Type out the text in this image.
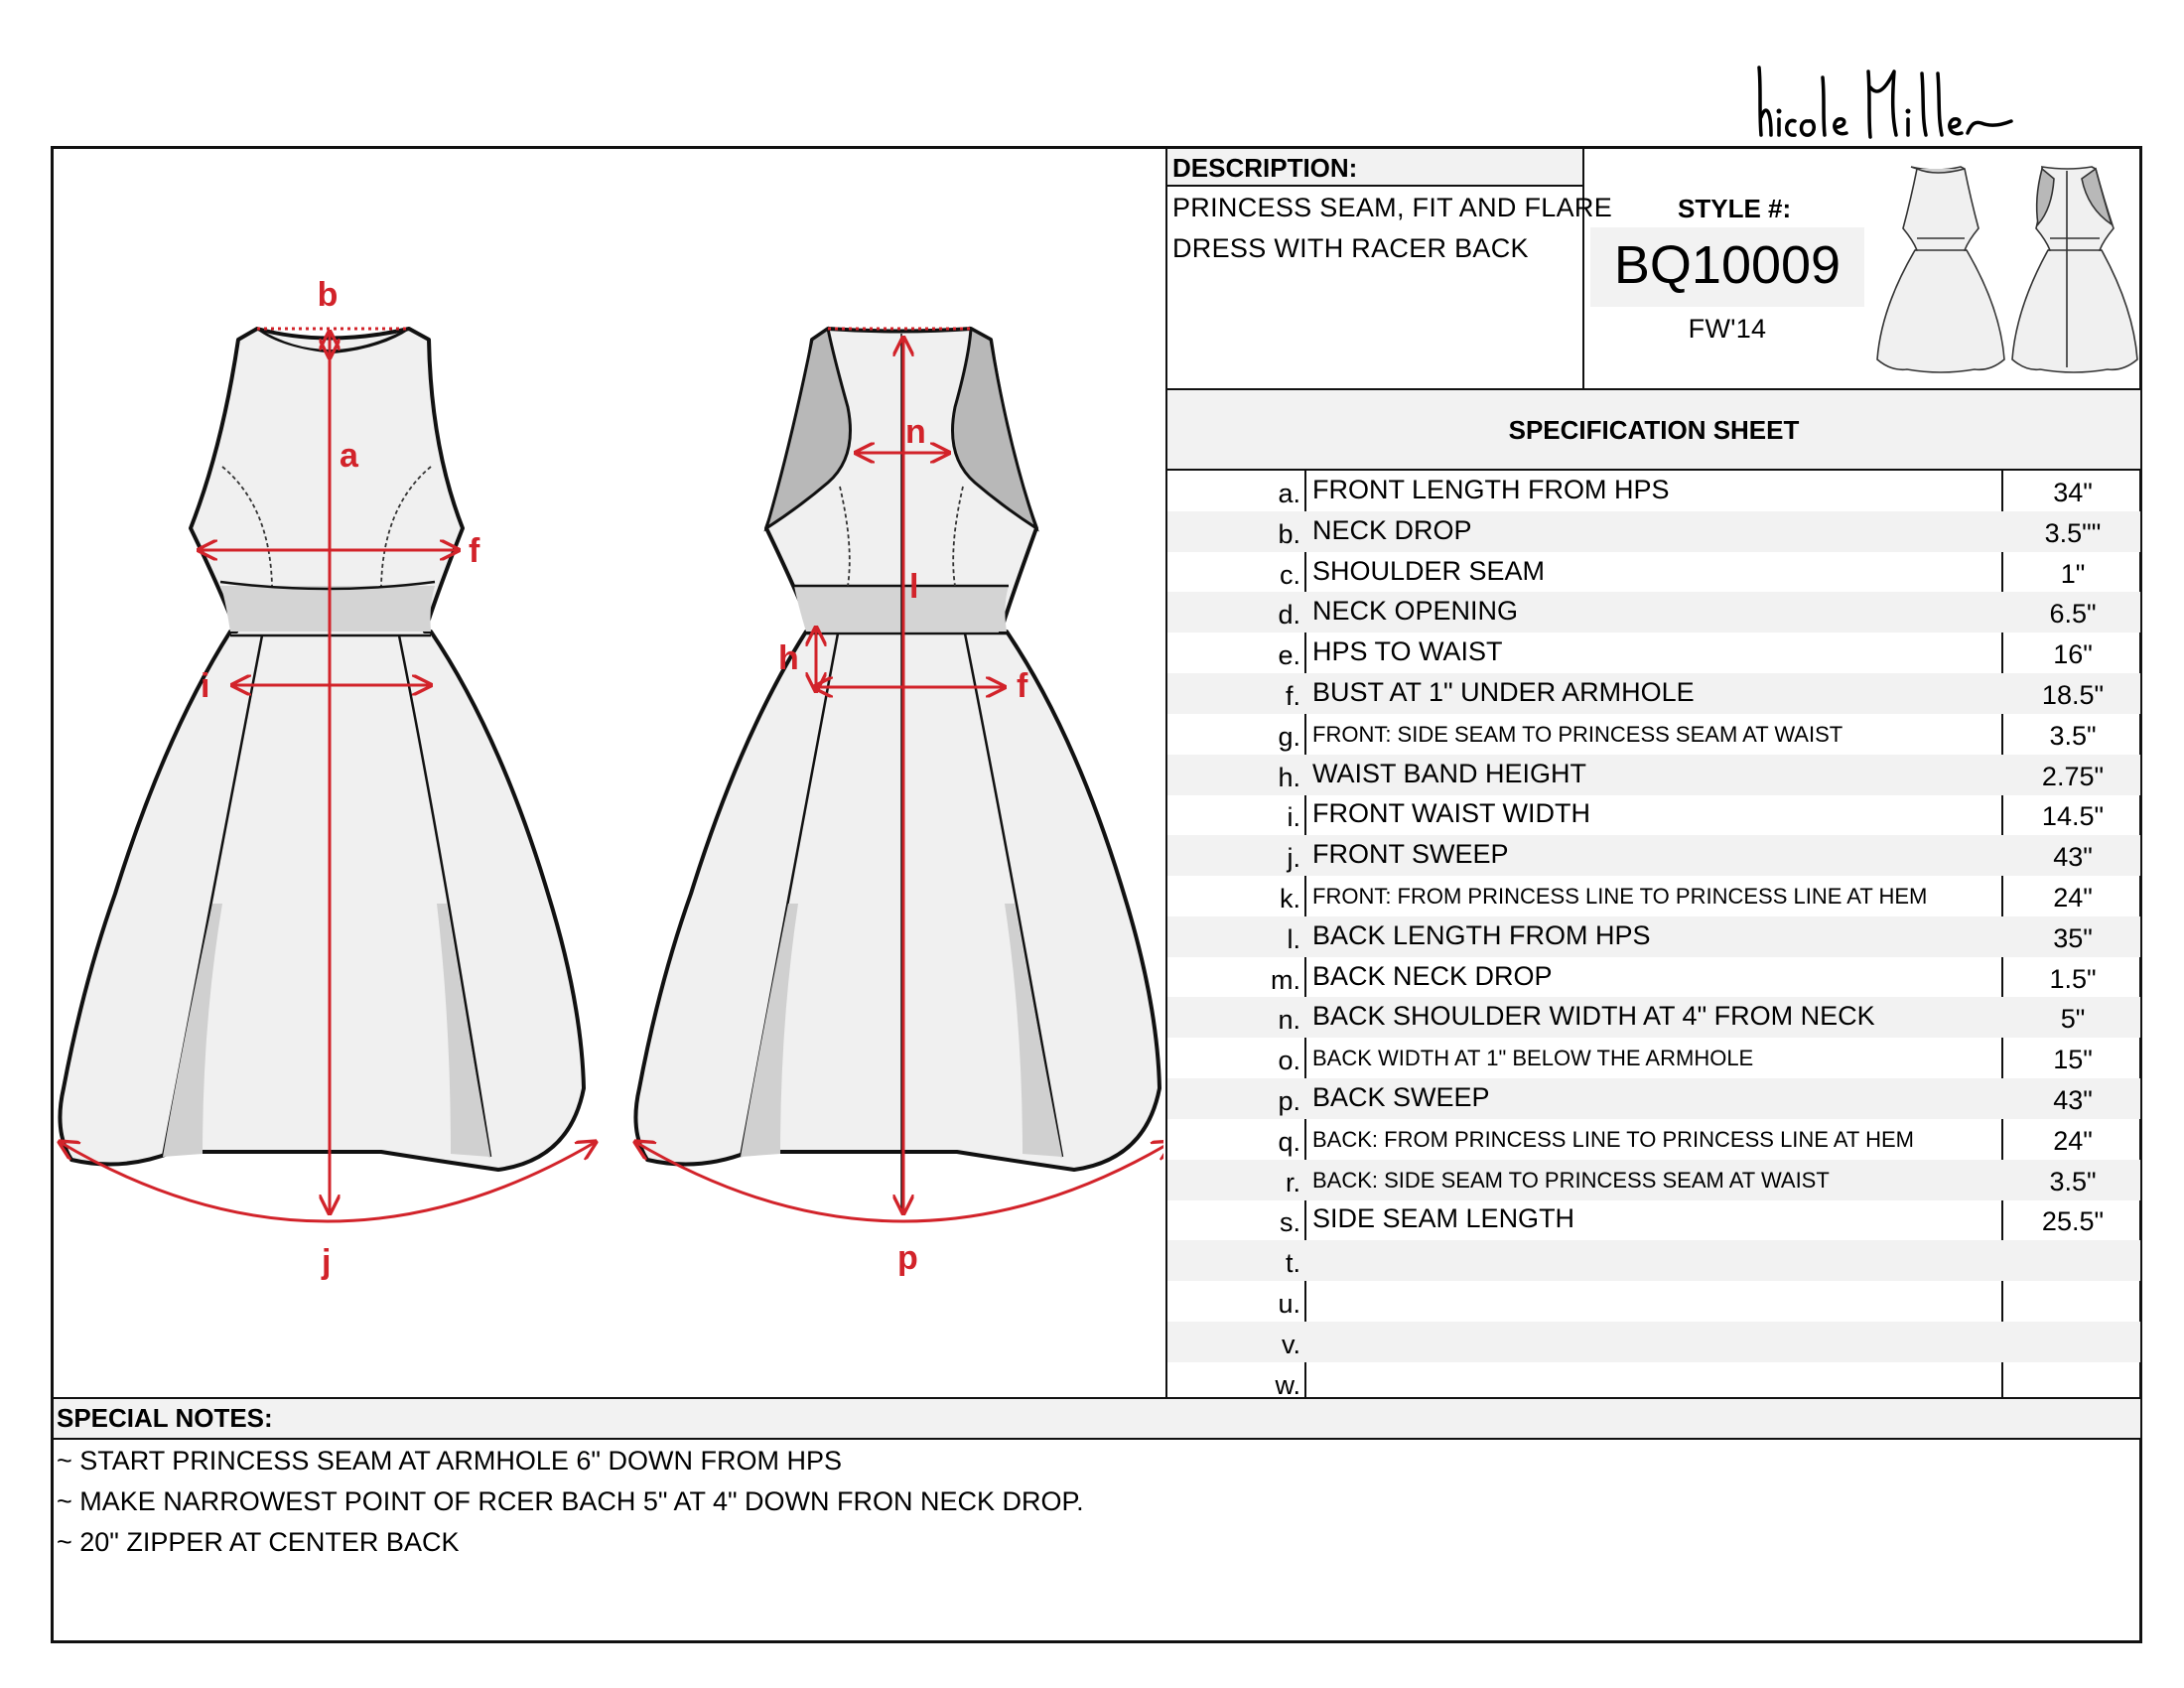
DESCRIPTION:
PRINCESS SEAM, FIT AND FLARE
DRESS WITH RACER BACK
STYLE #:
BQ10009
FW'14
SPECIFICATION SHEET
a. FRONT LENGTH FROM HPS	34"
b. NECK DROP	3.5""
c. SHOULDER SEAM	1"
d. NECK OPENING	6.5"
e. HPS TO WAIST	16"
f. BUST AT 1" UNDER ARMHOLE	18.5"
g. FRONT: SIDE SEAM TO PRINCESS SEAM AT WAIST	3.5"
h. WAIST BAND HEIGHT	2.75"
i. FRONT WAIST WIDTH	14.5"
j. FRONT SWEEP	43"
k. FRONT: FROM PRINCESS LINE TO PRINCESS LINE AT HEM	24"
l. BACK LENGTH FROM HPS	35"
m. BACK NECK DROP	1.5"
n. BACK SHOULDER WIDTH AT 4" FROM NECK	5"
o. BACK WIDTH AT 1" BELOW THE ARMHOLE	15"
p. BACK SWEEP	43"
q. BACK: FROM PRINCESS LINE TO PRINCESS LINE AT HEM	24"
r. BACK: SIDE SEAM TO PRINCESS SEAM AT WAIST	3.5"
s. SIDE SEAM LENGTH	25.5"
t.
u.
v.
w.
SPECIAL NOTES:
~ START PRINCESS SEAM AT ARMHOLE 6" DOWN FROM HPS
~ MAKE NARROWEST POINT OF RCER BACH 5" AT 4" DOWN FRON NECK DROP.
~ 20" ZIPPER AT CENTER BACK
b
a
f
i
j
n
l
h
f
p
